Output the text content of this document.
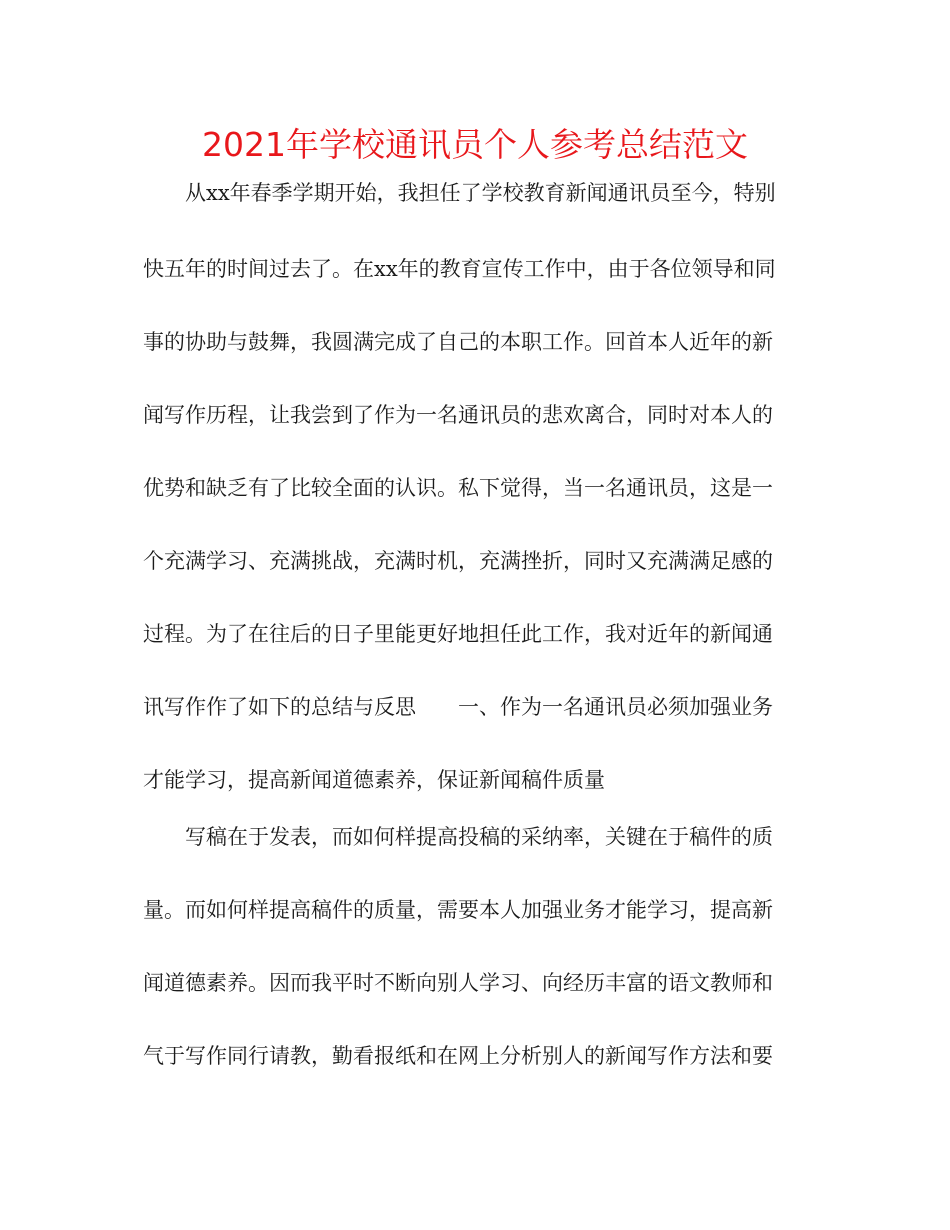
2021年学校通讯员个人参考总结范文

从xx年春季学期开始，我担任了学校教育新闻通讯员至今，特别

快五年的时间过去了。在xx年的教育宣传工作中，由于各位领导和同

事的协助与鼓舞，我圆满完成了自己的本职工作。回首本人近年的新

闻写作历程，让我尝到了作为一名通讯员的悲欢离合，同时对本人的

优势和缺乏有了比较全面的认识。私下觉得，当一名通讯员，这是一

个充满学习、充满挑战，充满时机，充满挫折，同时又充满满足感的

过程。为了在往后的日子里能更好地担任此工作，我对近年的新闻通

讯写作作了如下的总结与反思　　一、作为一名通讯员必须加强业务

才能学习，提高新闻道德素养，保证新闻稿件质量

写稿在于发表，而如何样提高投稿的采纳率，关键在于稿件的质

量。而如何样提高稿件的质量，需要本人加强业务才能学习，提高新

闻道德素养。因而我平时不断向别人学习、向经历丰富的语文教师和

气于写作同行请教，勤看报纸和在网上分析别人的新闻写作方法和要
